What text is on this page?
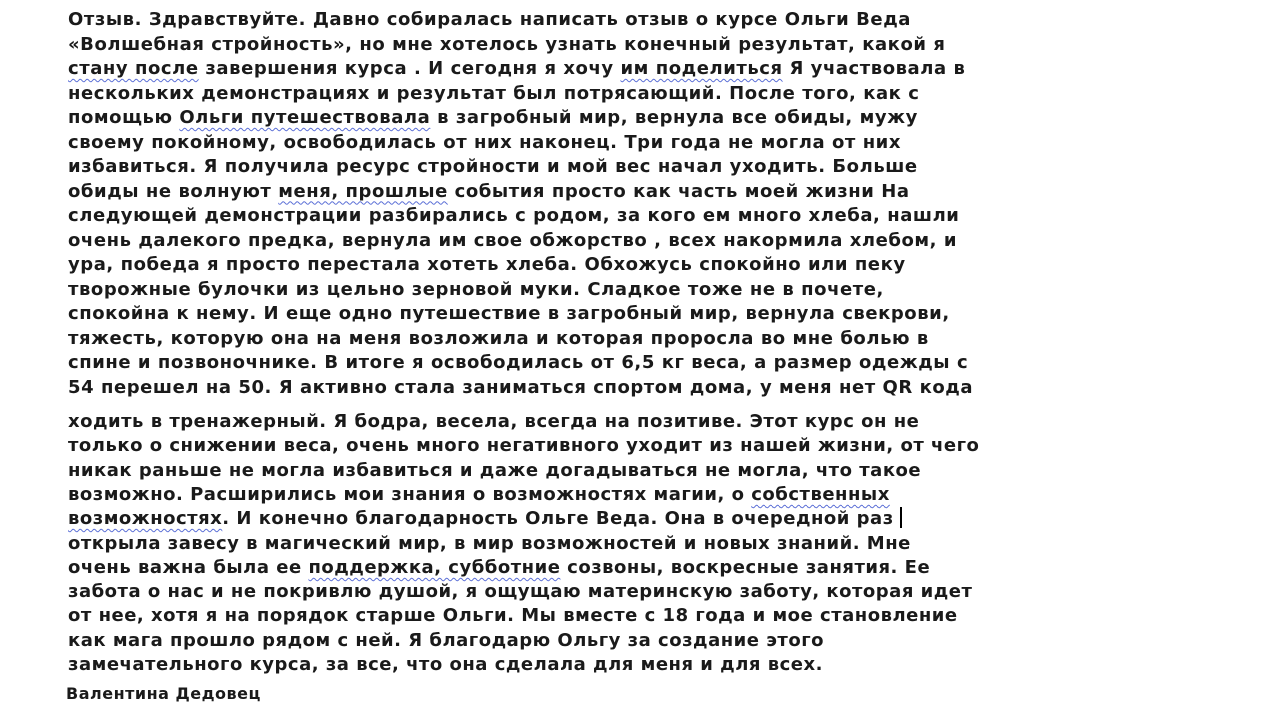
Отзыв. Здравствуйте. Давно собиралась написать отзыв о курсе Ольги Веда

«Волшебная стройность», но мне хотелось узнать конечный результат, какой я

стану после завершения курса . И сегодня я хочу им поделиться Я участвовала в

нескольких демонстрациях и результат был потрясающий. После того, как с

помощью Ольги путешествовала в загробный мир, вернула все обиды, мужу

своему покойному, освободилась от них наконец. Три года не могла от них

избавиться. Я получила ресурс стройности и мой вес начал уходить. Больше

обиды не волнуют меня, прошлые события просто как часть моей жизни На

следующей демонстрации разбирались с родом, за кого ем много хлеба, нашли

очень далекого предка, вернула им свое обжорство , всех накормила хлебом, и

ура, победа я просто перестала хотеть хлеба. Обхожусь спокойно или пеку

творожные булочки из цельно зерновой муки. Сладкое тоже не в почете,

спокойна к нему. И еще одно путешествие в загробный мир, вернула свекрови,

тяжесть, которую она на меня возложила и которая проросла во мне болью в

спине и позвоночнике. В итоге я освободилась от 6,5 кг веса, а размер одежды с

54 перешел на 50. Я активно стала заниматься спортом дома, у меня нет QR кода

ходить в тренажерный. Я бодра, весела, всегда на позитиве. Этот курс он не

только о снижении веса, очень много негативного уходит из нашей жизни, от чего

никак раньше не могла избавиться и даже догадываться не могла, что такое

возможно. Расширились мои знания о возможностях магии, о собственных

возможностях. И конечно благодарность Ольге Веда. Она в очередной раз

открыла завесу в магический мир, в мир возможностей и новых знаний. Мне

очень важна была ее поддержка, субботние созвоны, воскресные занятия. Ее

забота о нас и не покривлю душой, я ощущаю материнскую заботу, которая идет

от нее, хотя я на порядок старше Ольги. Мы вместе с 18 года и мое становление

как мага прошло рядом с ней. Я благодарю Ольгу за создание этого

замечательного курса, за все, что она сделала для меня и для всех.

Валентина Дедовец
